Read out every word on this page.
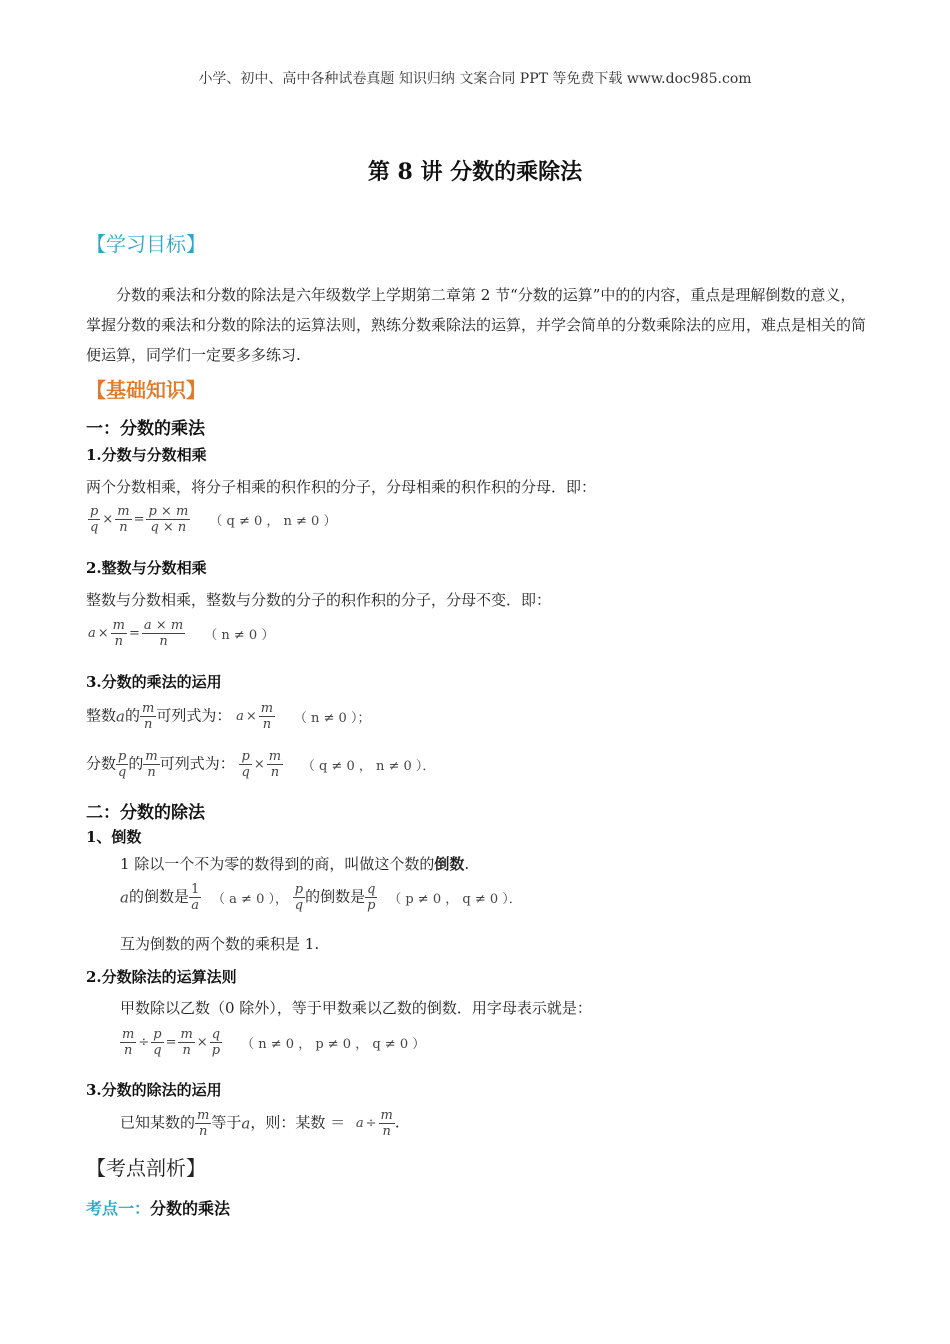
小学、初中、高中各种试卷真题 知识归纳 文案合同 PPT 等免费下载 www.doc985.com
第 8 讲 分数的乘除法
【学习目标】
分数的乘法和分数的除法是六年级数学上学期第二章第 2 节“分数的运算”中的的内容，重点是理解倒数的意义，掌握分数的乘法和分数的除法的运算法则，熟练分数乘除法的运算，并学会简单的分数乘除法的应用，难点是相关的简便运算，同学们一定要多多练习.
【基础知识】
一：分数的乘法
1.分数与分数相乘
两个分数相乘，将分子相乘的积作积的分子，分母相乘的积作积的分母．即：
$\frac{p}{q} \times \frac{m}{n} = \frac{p \times m}{q \times n}$ （ q ≠ 0 ， n ≠ 0 ）
2.整数与分数相乘
整数与分数相乘，整数与分数的分子的积作积的分子，分母不变．即：
$a \times \frac{m}{n} = \frac{a \times m}{n}$ （ n ≠ 0 ）
3.分数的乘法的运用
整数a的 $\frac{m}{n}$ 可列式为： $a \times \frac{m}{n}$ （ n ≠ 0 ）；
分数 $\frac{p}{q}$ 的 $\frac{m}{n}$ 可列式为： $\frac{p}{q} \times \frac{m}{n}$ （ q ≠ 0 ， n ≠ 0 ）．
二：分数的除法
1、倒数
1 除以一个不为零的数得到的商，叫做这个数的倒数.
a的倒数是 $\frac{1}{a}$ （ a ≠ 0 ）， $\frac{p}{q}$ 的倒数是 $\frac{q}{p}$ （ p ≠ 0 ， q ≠ 0 ）．
互为倒数的两个数的乘积是 1.
2.分数除法的运算法则
甲数除以乙数（0 除外），等于甲数乘以乙数的倒数．用字母表示就是：
$\frac{m}{n} \div \frac{p}{q} = \frac{m}{n} \times \frac{q}{p}$ （ n ≠ 0 ， p ≠ 0 ， q ≠ 0 ）
3.分数的除法的运用
已知某数的 $\frac{m}{n}$ 等于a，则：某数 ＝ $a \div \frac{m}{n}$ .
【考点剖析】
考点一：分数的乘法
